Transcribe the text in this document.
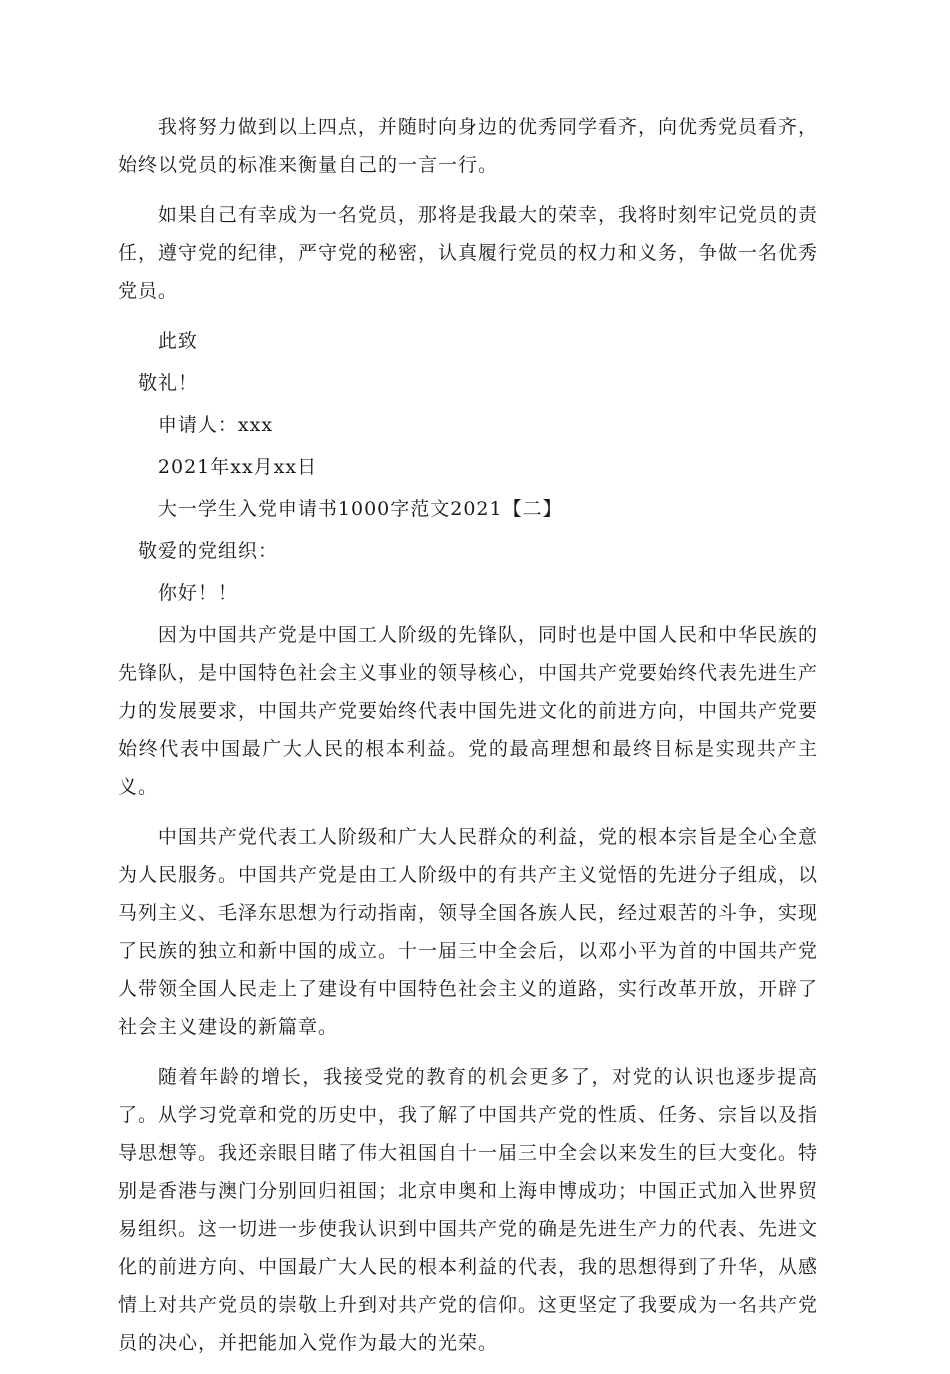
我将努力做到以上四点，并随时向身边的优秀同学看齐，向优秀党员看齐，始终以党员的标准来衡量自己的一言一行。

如果自己有幸成为一名党员，那将是我最大的荣幸，我将时刻牢记党员的责任，遵守党的纪律，严守党的秘密，认真履行党员的权力和义务，争做一名优秀党员。

此致

敬礼！

申请人：xxx

2021年xx月xx日

大一学生入党申请书1000字范文2021【二】

敬爱的党组织：

你好！！

因为中国共产党是中国工人阶级的先锋队，同时也是中国人民和中华民族的先锋队，是中国特色社会主义事业的领导核心，中国共产党要始终代表先进生产力的发展要求，中国共产党要始终代表中国先进文化的前进方向，中国共产党要始终代表中国最广大人民的根本利益。党的最高理想和最终目标是实现共产主义。

中国共产党代表工人阶级和广大人民群众的利益，党的根本宗旨是全心全意为人民服务。中国共产党是由工人阶级中的有共产主义觉悟的先进分子组成，以马列主义、毛泽东思想为行动指南，领导全国各族人民，经过艰苦的斗争，实现了民族的独立和新中国的成立。十一届三中全会后，以邓小平为首的中国共产党人带领全国人民走上了建设有中国特色社会主义的道路，实行改革开放，开辟了社会主义建设的新篇章。

随着年龄的增长，我接受党的教育的机会更多了，对党的认识也逐步提高了。从学习党章和党的历史中，我了解了中国共产党的性质、任务、宗旨以及指导思想等。我还亲眼目睹了伟大祖国自十一届三中全会以来发生的巨大变化。特别是香港与澳门分别回归祖国；北京申奥和上海申博成功；中国正式加入世界贸易组织。这一切进一步使我认识到中国共产党的确是先进生产力的代表、先进文化的前进方向、中国最广大人民的根本利益的代表，我的思想得到了升华，从感情上对共产党员的崇敬上升到对共产党的信仰。这更坚定了我要成为一名共产党员的决心，并把能加入党作为最大的光荣。
